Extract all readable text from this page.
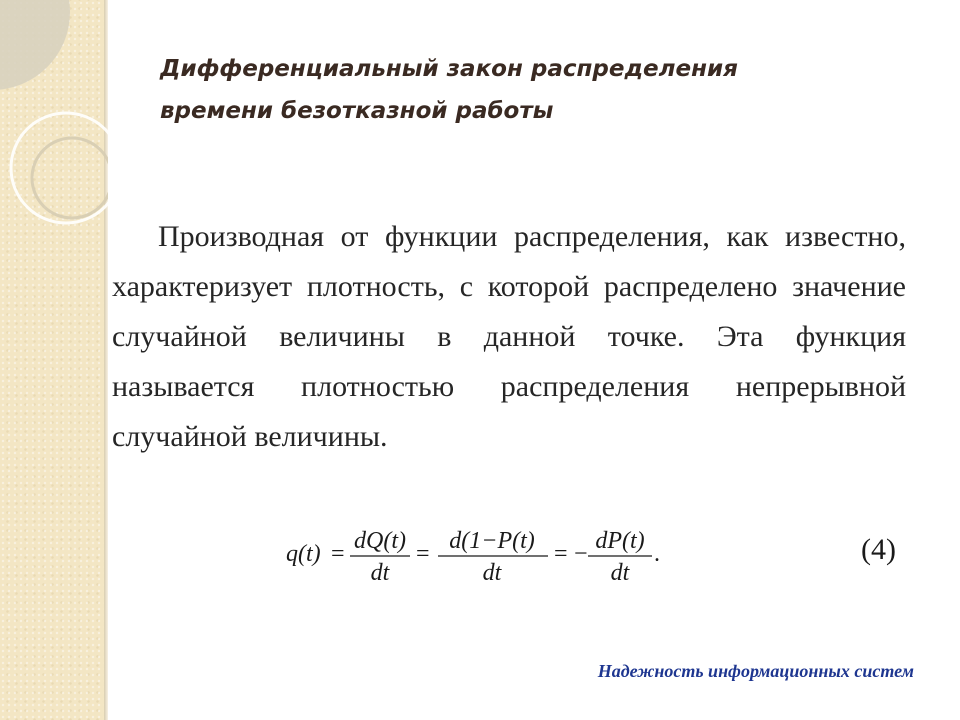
Дифференциальный закон распределения
времени безотказной работы
Производная от функции распределения, как известно, характеризует плотность, с которой распределено значение случайной величины в данной точке. Эта функция называется плотностью распределения непрерывной случайной величины.
q(t) = dQ(t)
dt
= d(1−P(t)
dt
= − dP(t)
dt
.	(4)
Надежность информационных систем
